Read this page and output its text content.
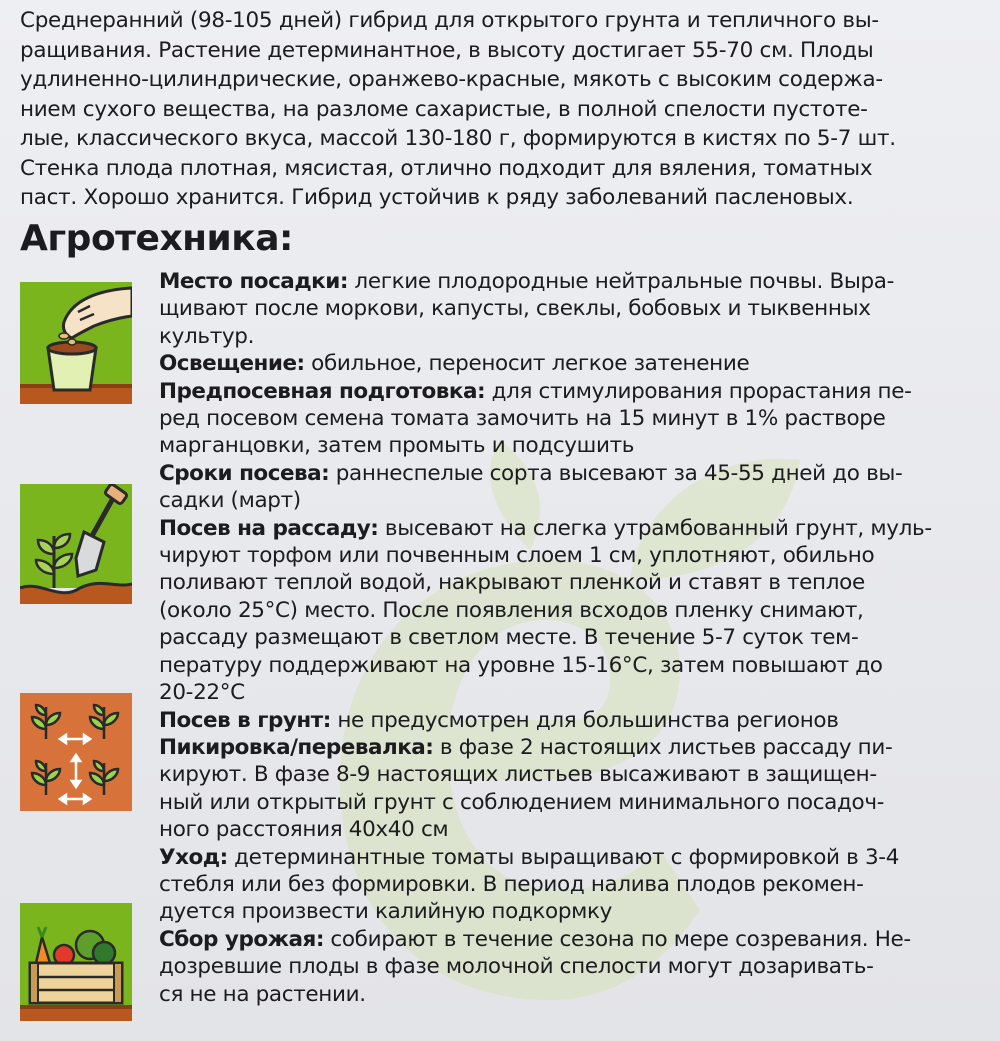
Среднеранний (98-105 дней) гибрид для открытого грунта и тепличного вы-
ращивания. Растение детерминантное, в высоту достигает 55-70 см. Плоды
удлиненно-цилиндрические, оранжево-красные, мякоть с высоким содержа-
нием сухого вещества, на разломе сахаристые, в полной спелости пустоте-
лые, классического вкуса, массой 130-180 г, формируются в кистях по 5-7 шт.
Стенка плода плотная, мясистая, отлично подходит для вяления, томатных
паст. Хорошо хранится. Гибрид устойчив к ряду заболеваний пасленовых.
Агротехника:
Место посадки: легкие плодородные нейтральные почвы. Выра-
щивают после моркови, капусты, свеклы, бобовых и тыквенных
культур.
Освещение: обильное, переносит легкое затенение
Предпосевная подготовка: для стимулирования прорастания пе-
ред посевом семена томата замочить на 15 минут в 1% растворе
марганцовки, затем промыть и подсушить
Сроки посева: раннеспелые сорта высевают за 45-55 дней до вы-
садки (март)
Посев на рассаду: высевают на слегка утрамбованный грунт, муль-
чируют торфом или почвенным слоем 1 см, уплотняют, обильно
поливают теплой водой, накрывают пленкой и ставят в теплое
(около 25°С) место. После появления всходов пленку снимают,
рассаду размещают в светлом месте. В течение 5-7 суток тем-
пературу поддерживают на уровне 15-16°С, затем повышают до
20-22°С
Посев в грунт: не предусмотрен для большинства регионов
Пикировка/перевалка: в фазе 2 настоящих листьев рассаду пи-
кируют. В фазе 8-9 настоящих листьев высаживают в защищен-
ный или открытый грунт с соблюдением минимального посадоч-
ного расстояния 40х40 см
Уход: детерминантные томаты выращивают с формировкой в 3-4
стебля или без формировки. В период налива плодов рекомен-
дуется произвести калийную подкормку
Сбор урожая: собирают в течение сезона по мере созревания. Не-
дозревшие плоды в фазе молочной спелости могут дозаривать-
ся не на растении.
